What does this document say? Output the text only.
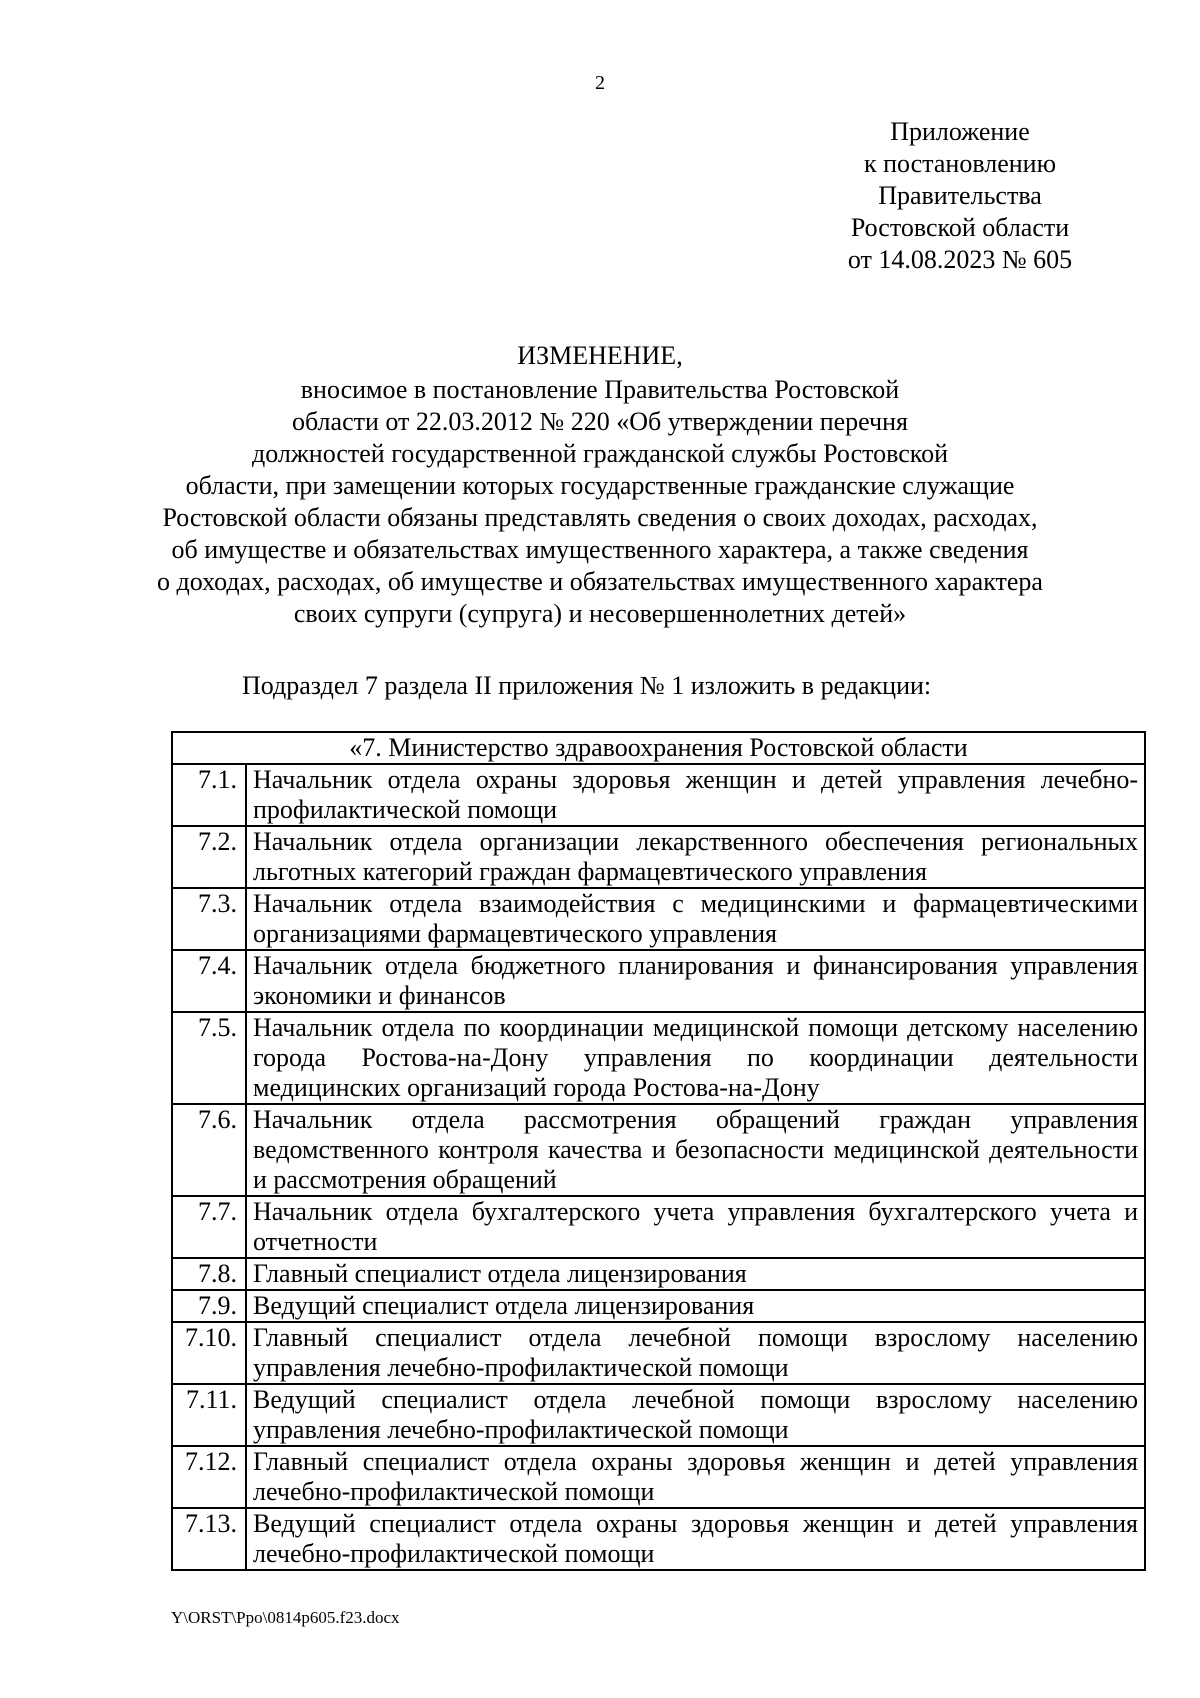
2
Приложение
к постановлению
Правительства
Ростовской области
от 14.08.2023 № 605
ИЗМЕНЕНИЕ,
вносимое в постановление Правительства Ростовской
области от 22.03.2012 № 220 «Об утверждении перечня
должностей государственной гражданской службы Ростовской
области, при замещении которых государственные гражданские служащие
Ростовской области обязаны представлять сведения о своих доходах, расходах,
об имуществе и обязательствах имущественного характера, а также сведения
о доходах, расходах, об имуществе и обязательствах имущественного характера
своих супруги (супруга) и несовершеннолетних детей»
Подраздел 7 раздела II приложения № 1 изложить в редакции:
«7. Министерство здравоохранения Ростовской области	
7.1.	Начальник отдела охраны здоровья женщин и детей управления лечебно-профилактической помощи
7.2.	Начальник отдела организации лекарственного обеспечения региональных льготных категорий граждан фармацевтического управления
7.3.	Начальник отдела взаимодействия с медицинскими и фармацевтическими организациями фармацевтического управления
7.4.	Начальник отдела бюджетного планирования и финансирования управления экономики и финансов
7.5.	Начальник отдела по координации медицинской помощи детскому населению города Ростова-на-Дону управления по координации деятельности медицинских организаций города Ростова-на-Дону
7.6.	Начальник отдела рассмотрения обращений граждан управления ведомственного контроля качества и безопасности медицинской деятельности и рассмотрения обращений
7.7.	Начальник отдела бухгалтерского учета управления бухгалтерского учета и отчетности
7.8.	Главный специалист отдела лицензирования
7.9.	Ведущий специалист отдела лицензирования
7.10.	Главный специалист отдела лечебной помощи взрослому населению управления лечебно-профилактической помощи
7.11.	Ведущий специалист отдела лечебной помощи взрослому населению управления лечебно-профилактической помощи
7.12.	Главный специалист отдела охраны здоровья женщин и детей управления лечебно-профилактической помощи
7.13.	Ведущий специалист отдела охраны здоровья женщин и детей управления лечебно-профилактической помощи
Y\ORST\Ppo\0814p605.f23.docx
